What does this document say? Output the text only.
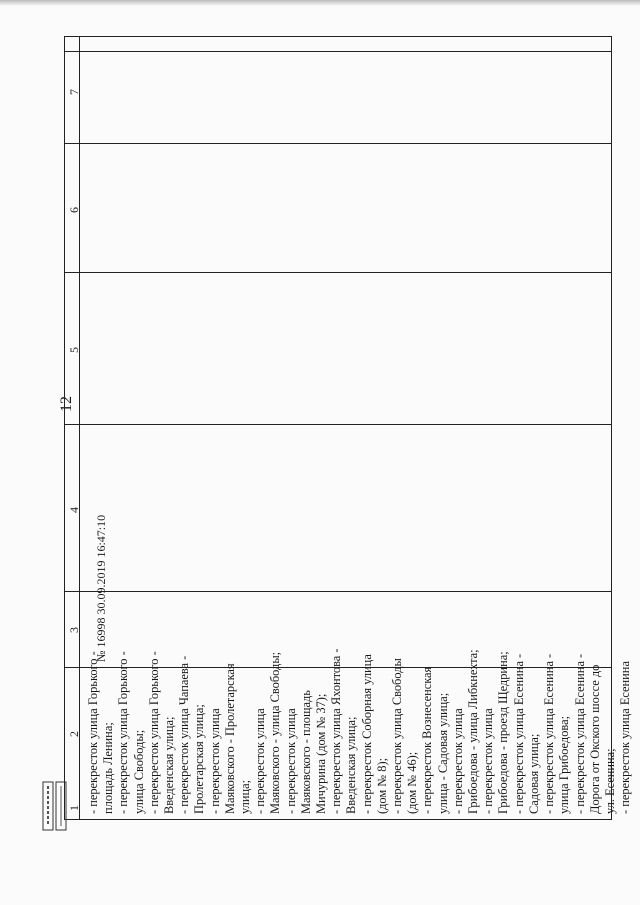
12
1
2
3
4
5
6
7
- перекресток улица Горького - площадь Ленина; - перекресток улица Горького - улица Свободы; - перекресток улица Горького - Введенская улица; - перекресток улица Чапаева - Пролетарская улица; - перекресток улица Маяковского - Пролетарская улица; - перекресток улица Маяковского - улица Свободы; - перекресток улица Маяковского - площадь Мичурина (дом № 37); - перекресток улица Яхонтова - Введенская улица; - перекресток Соборная улица (дом № 8); - перекресток улица Свободы (дом № 46); - перекресток Вознесенская улица - Садовая улица; - перекресток улица Грибоедова - улица Либкнехта; - перекресток улица Грибоедова - проезд Щедрина; - перекресток улица Есенина - Садовая улица; - перекресток улица Есенина - улица Грибоедова; - перекресток улица Есенина - Дорога от Окского шоссе до ул. Есенина; - перекресток улица Есенина
№ 16998 30.09.2019 16:47:10
